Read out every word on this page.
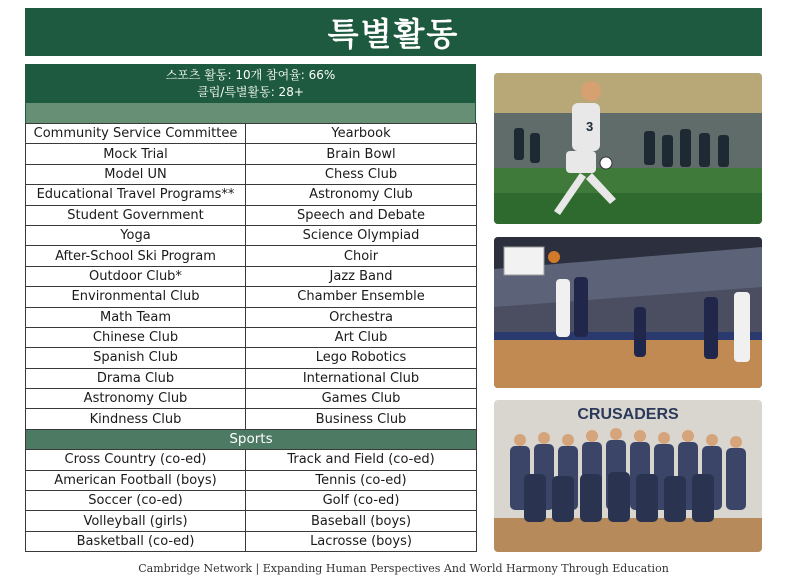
특별활동
스포츠 활동: 10개 참여율: 66%
클럽/특별활동: 28+
Community Service Committee	Yearbook
Mock Trial	Brain Bowl
Model UN	Chess Club
Educational Travel Programs**	Astronomy Club
Student Government	Speech and Debate
Yoga	Science Olympiad
After-School Ski Program	Choir
Outdoor Club*	Jazz Band
Environmental Club	Chamber Ensemble
Math Team	Orchestra
Chinese Club	Art Club
Spanish Club	Lego Robotics
Drama Club	International Club
Astronomy Club	Games Club
Kindness Club	Business Club
Sports	
Cross Country (co-ed)	Track and Field (co-ed)
American Football (boys)	Tennis (co-ed)
Soccer (co-ed)	Golf (co-ed)
Volleyball (girls)	Baseball (boys)
Basketball (co-ed)	Lacrosse (boys)
3
CRUSADERS
Cambridge Network | Expanding Human Perspectives And World Harmony Through Education
